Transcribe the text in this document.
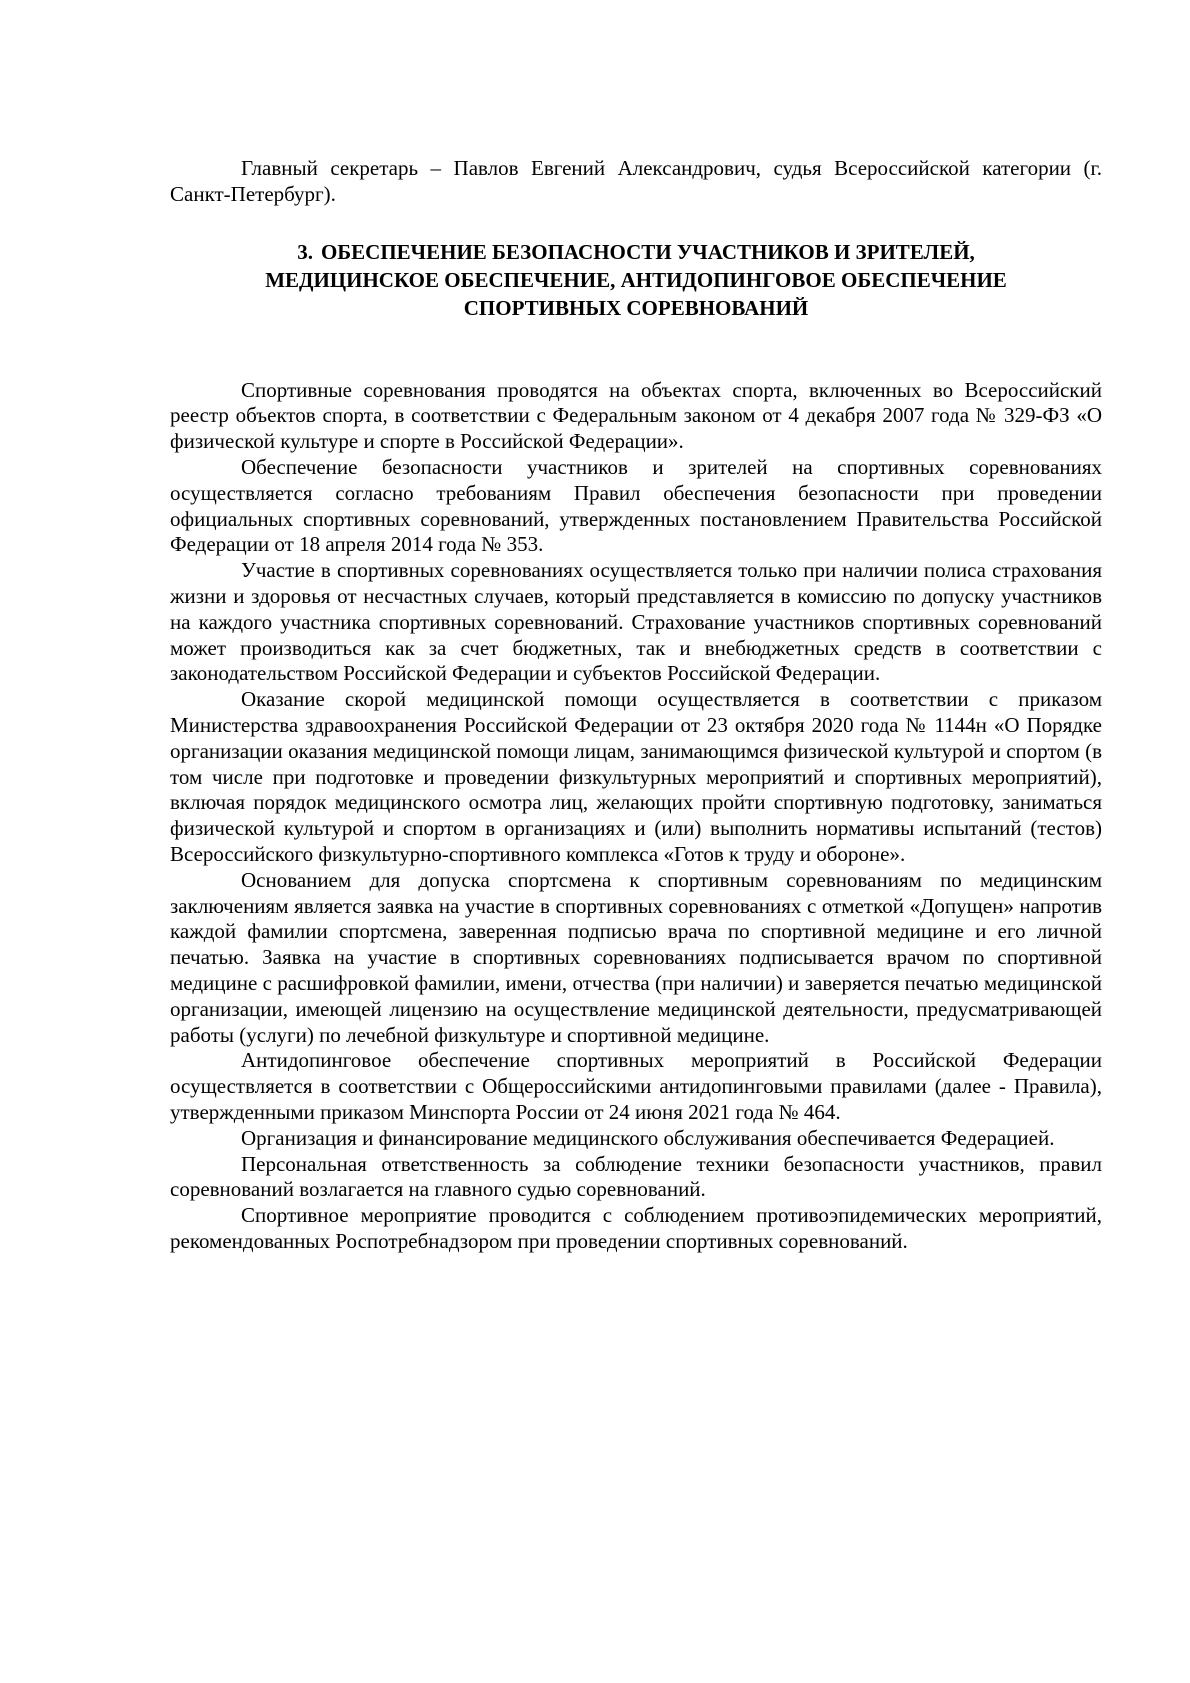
Главный секретарь – Павлов Евгений Александрович, судья Всероссийской категории (г. Санкт-Петербург).

3. ОБЕСПЕЧЕНИЕ БЕЗОПАСНОСТИ УЧАСТНИКОВ И ЗРИТЕЛЕЙ,
МЕДИЦИНСКОЕ ОБЕСПЕЧЕНИЕ, АНТИДОПИНГОВОЕ ОБЕСПЕЧЕНИЕ
СПОРТИВНЫХ СОРЕВНОВАНИЙ

Спортивные соревнования проводятся на объектах спорта, включенных во Всероссийский реестр объектов спорта, в соответствии с Федеральным законом от 4 декабря 2007 года № 329-ФЗ «О физической культуре и спорте в Российской Федерации».

Обеспечение безопасности участников и зрителей на спортивных соревнованиях осуществляется согласно требованиям Правил обеспечения безопасности при проведении официальных спортивных соревнований, утвержденных постановлением Правительства Российской Федерации от 18 апреля 2014 года № 353.

Участие в спортивных соревнованиях осуществляется только при наличии полиса страхования жизни и здоровья от несчастных случаев, который представляется в комиссию по допуску участников на каждого участника спортивных соревнований. Страхование участников спортивных соревнований может производиться как за счет бюджетных, так и внебюджетных средств в соответствии с законодательством Российской Федерации и субъектов Российской Федерации.

Оказание скорой медицинской помощи осуществляется в соответствии с приказом Министерства здравоохранения Российской Федерации от 23 октября 2020 года № 1144н «О Порядке организации оказания медицинской помощи лицам, занимающимся физической культурой и спортом (в том числе при подготовке и проведении физкультурных мероприятий и спортивных мероприятий), включая порядок медицинского осмотра лиц, желающих пройти спортивную подготовку, заниматься физической культурой и спортом в организациях и (или) выполнить нормативы испытаний (тестов) Всероссийского физкультурно-спортивного комплекса «Готов к труду и обороне».

Основанием для допуска спортсмена к спортивным соревнованиям по медицинским заключениям является заявка на участие в спортивных соревнованиях с отметкой «Допущен» напротив каждой фамилии спортсмена, заверенная подписью врача по спортивной медицине и его личной печатью. Заявка на участие в спортивных соревнованиях подписывается врачом по спортивной медицине с расшифровкой фамилии, имени, отчества (при наличии) и заверяется печатью медицинской организации, имеющей лицензию на осуществление медицинской деятельности, предусматривающей работы (услуги) по лечебной физкультуре и спортивной медицине.

Антидопинговое обеспечение спортивных мероприятий в Российской Федерации осуществляется в соответствии с Общероссийскими антидопинговыми правилами (далее - Правила), утвержденными приказом Минспорта России от 24 июня 2021 года № 464.

Организация и финансирование медицинского обслуживания обеспечивается Федерацией.

Персональная ответственность за соблюдение техники безопасности участников, правил соревнований возлагается на главного судью соревнований.

Спортивное мероприятие проводится с соблюдением противоэпидемических мероприятий, рекомендованных Роспотребнадзором при проведении спортивных соревнований.
